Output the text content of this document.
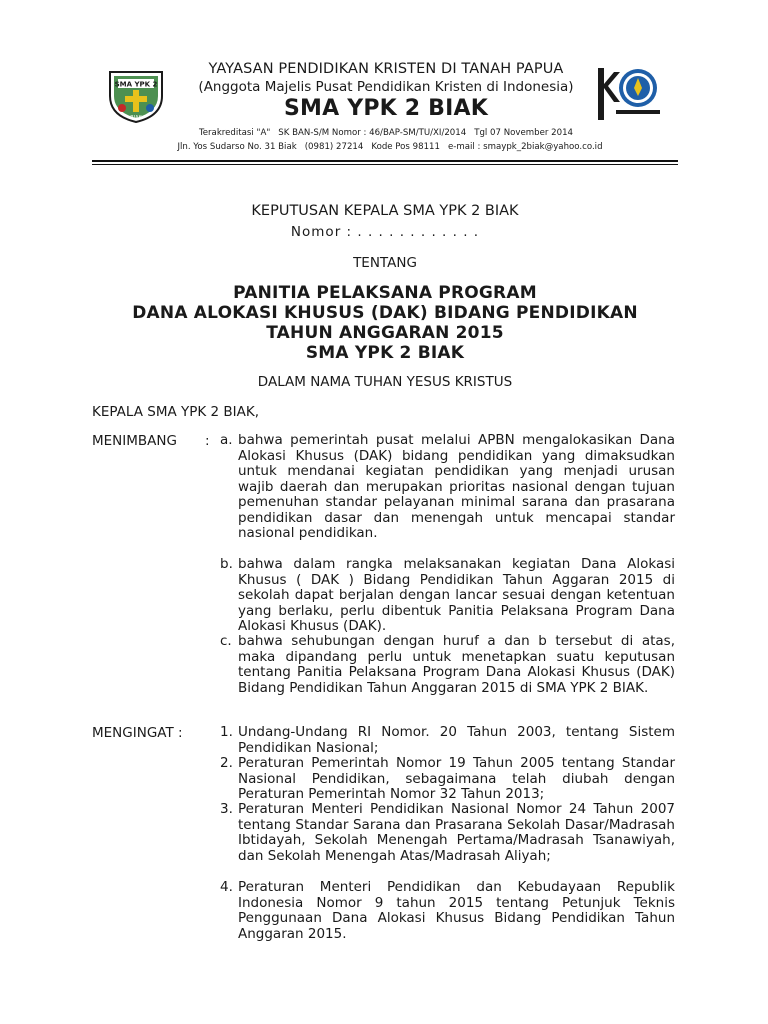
SMA YPK 2
BIAK
YAYASAN PENDIDIKAN KRISTEN DI TANAH PAPUA
(Anggota Majelis Pusat Pendidikan Kristen di Indonesia)
SMA YPK 2 BIAK
Terakreditasi "A" SK BAN-S/M Nomor : 46/BAP-SM/TU/XI/2014 Tgl 07 November 2014
Jln. Yos Sudarso No. 31 Biak (0981) 27214 Kode Pos 98111 e-mail : smaypk_2biak@yahoo.co.id
KEPUTUSAN KEPALA SMA YPK 2 BIAK
Nomor : . . . . . . . . . . . .
TENTANG
PANITIA PELAKSANA PROGRAM
DANA ALOKASI KHUSUS (DAK) BIDANG PENDIDIKAN
TAHUN ANGGARAN 2015
SMA YPK 2 BIAK
DALAM NAMA TUHAN YESUS KRISTUS
KEPALA SMA YPK 2 BIAK,
MENIMBANG : a. bahwa pemerintah pusat melalui APBN mengalokasikan Dana Alokasi Khusus (DAK) bidang pendidikan yang dimaksudkan untuk mendanai kegiatan pendidikan yang menjadi urusan wajib daerah dan merupakan prioritas nasional dengan tujuan pemenuhan standar pelayanan minimal sarana dan prasarana pendidikan dasar dan menengah untuk mencapai standar nasional pendidikan.
b. bahwa dalam rangka melaksanakan kegiatan Dana Alokasi Khusus ( DAK ) Bidang Pendidikan Tahun Aggaran 2015 di sekolah dapat berjalan dengan lancar sesuai dengan ketentuan yang berlaku, perlu dibentuk Panitia Pelaksana Program Dana Alokasi Khusus (DAK).
c. bahwa sehubungan dengan huruf a dan b tersebut di atas, maka dipandang perlu untuk menetapkan suatu keputusan tentang Panitia Pelaksana Program Dana Alokasi Khusus (DAK) Bidang Pendidikan Tahun Anggaran 2015 di SMA YPK 2 BIAK.
MENGINGAT :	1. Undang-Undang RI Nomor. 20 Tahun 2003, tentang Sistem Pendidikan Nasional;
2. Peraturan Pemerintah Nomor 19 Tahun 2005 tentang Standar Nasional Pendidikan, sebagaimana telah diubah dengan Peraturan Pemerintah Nomor 32 Tahun 2013;
3. Peraturan Menteri Pendidikan Nasional Nomor 24 Tahun 2007 tentang Standar Sarana dan Prasarana Sekolah Dasar/Madrasah Ibtidayah, Sekolah Menengah Pertama/Madrasah Tsanawiyah, dan Sekolah Menengah Atas/Madrasah Aliyah;
4. Peraturan Menteri Pendidikan dan Kebudayaan Republik Indonesia Nomor 9 tahun 2015 tentang Petunjuk Teknis Penggunaan Dana Alokasi Khusus Bidang Pendidikan Tahun Anggaran 2015.
